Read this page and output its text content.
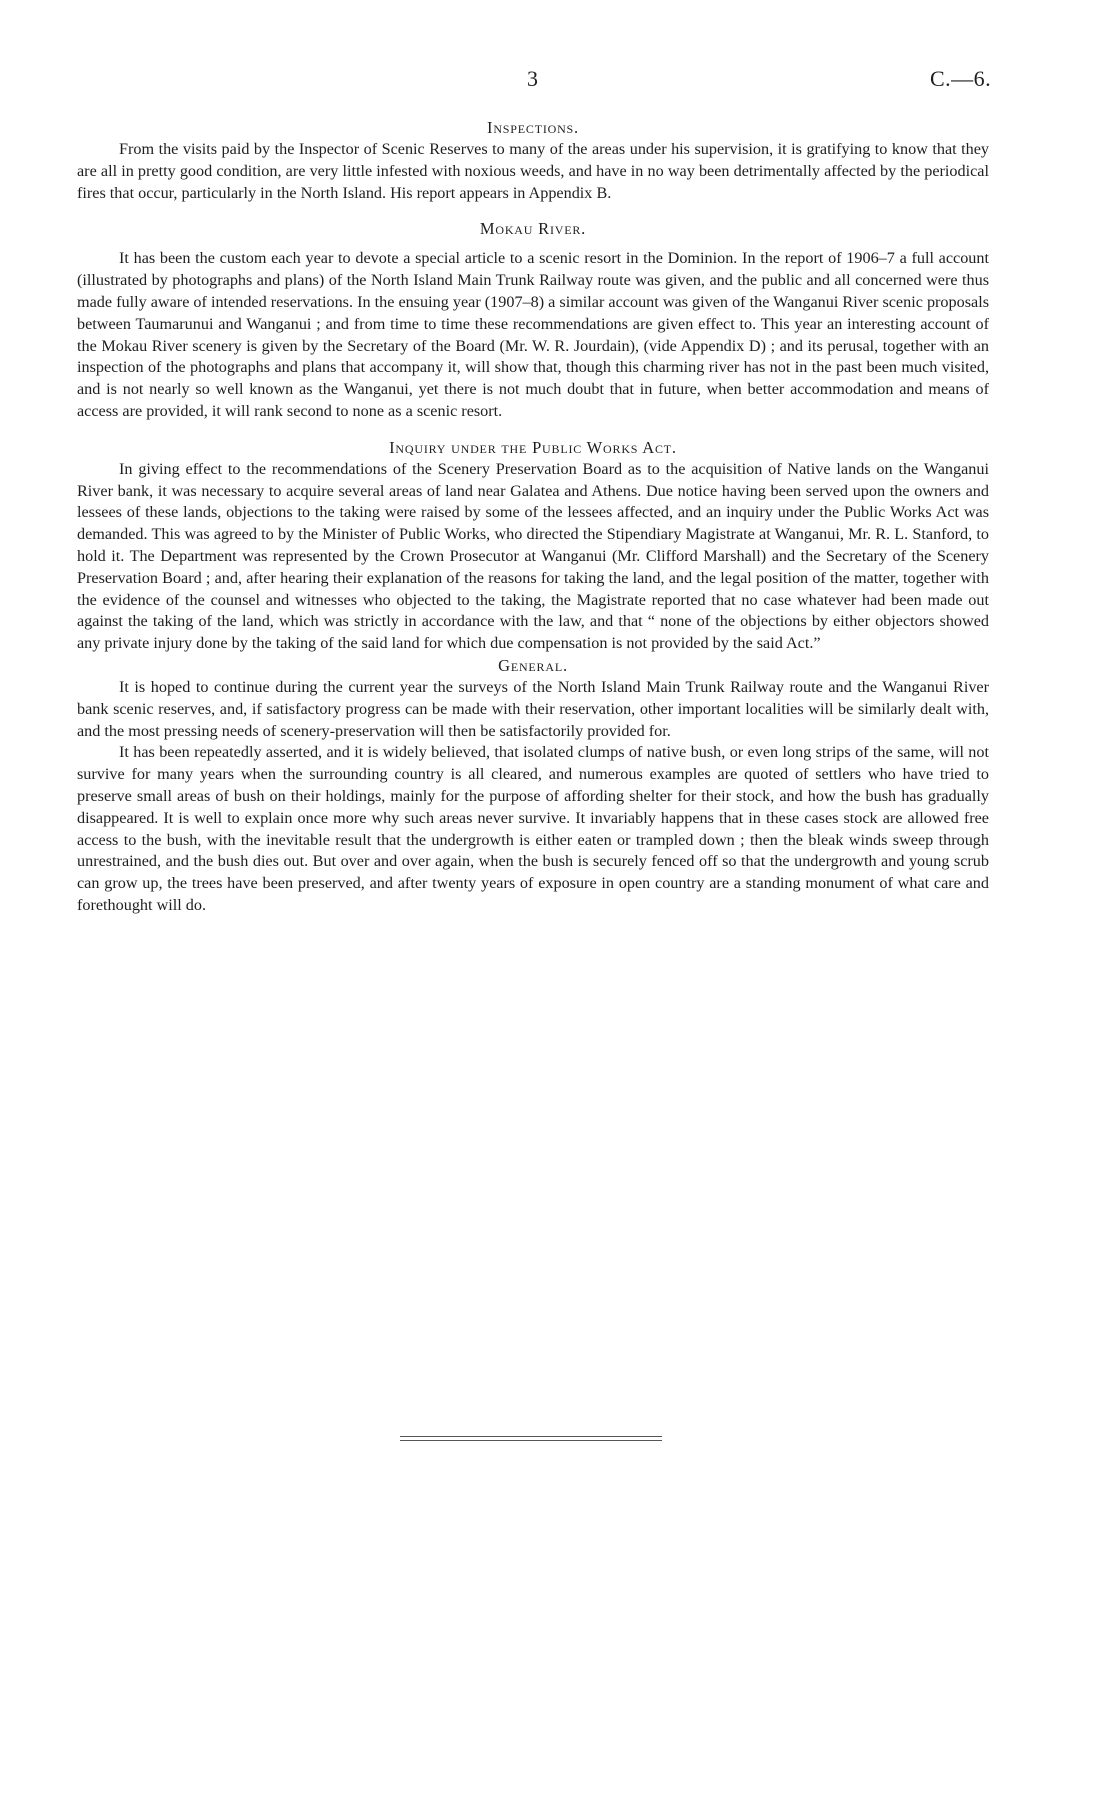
3	C.—6.

Inspections.

From the visits paid by the Inspector of Scenic Reserves to many of the areas under his supervision, it is gratifying to know that they are all in pretty good condition, are very little infested with noxious weeds, and have in no way been detrimentally affected by the periodical fires that occur, particularly in the North Island. His report appears in Appendix B.

Mokau River.

It has been the custom each year to devote a special article to a scenic resort in the Dominion. In the report of 1906–7 a full account (illustrated by photographs and plans) of the North Island Main Trunk Railway route was given, and the public and all concerned were thus made fully aware of intended reservations. In the ensuing year (1907–8) a similar account was given of the Wanganui River scenic proposals between Taumarunui and Wanganui ; and from time to time these recommendations are given effect to. This year an interesting account of the Mokau River scenery is given by the Secretary of the Board (Mr. W. R. Jourdain), (vide Appendix D) ; and its perusal, together with an inspection of the photographs and plans that accompany it, will show that, though this charming river has not in the past been much visited, and is not nearly so well known as the Wanganui, yet there is not much doubt that in future, when better accommodation and means of access are provided, it will rank second to none as a scenic resort.

Inquiry under the Public Works Act.

In giving effect to the recommendations of the Scenery Preservation Board as to the acquisition of Native lands on the Wanganui River bank, it was necessary to acquire several areas of land near Galatea and Athens. Due notice having been served upon the owners and lessees of these lands, objections to the taking were raised by some of the lessees affected, and an inquiry under the Public Works Act was demanded. This was agreed to by the Minister of Public Works, who directed the Stipendiary Magistrate at Wanganui, Mr. R. L. Stanford, to hold it. The Department was represented by the Crown Prosecutor at Wanganui (Mr. Clifford Marshall) and the Secretary of the Scenery Preservation Board ; and, after hearing their explanation of the reasons for taking the land, and the legal position of the matter, together with the evidence of the counsel and witnesses who objected to the taking, the Magistrate reported that no case whatever had been made out against the taking of the land, which was strictly in accordance with the law, and that “ none of the objections by either objectors showed any private injury done by the taking of the said land for which due compensation is not provided by the said Act.”

General.

It is hoped to continue during the current year the surveys of the North Island Main Trunk Railway route and the Wanganui River bank scenic reserves, and, if satisfactory progress can be made with their reservation, other important localities will be similarly dealt with, and the most pressing needs of scenery-preservation will then be satisfactorily provided for.

It has been repeatedly asserted, and it is widely believed, that isolated clumps of native bush, or even long strips of the same, will not survive for many years when the surrounding country is all cleared, and numerous examples are quoted of settlers who have tried to preserve small areas of bush on their holdings, mainly for the purpose of affording shelter for their stock, and how the bush has gradually disappeared. It is well to explain once more why such areas never survive. It invariably happens that in these cases stock are allowed free access to the bush, with the inevitable result that the undergrowth is either eaten or trampled down ; then the bleak winds sweep through unrestrained, and the bush dies out. But over and over again, when the bush is securely fenced off so that the undergrowth and young scrub can grow up, the trees have been preserved, and after twenty years of exposure in open country are a standing monument of what care and forethought will do.
